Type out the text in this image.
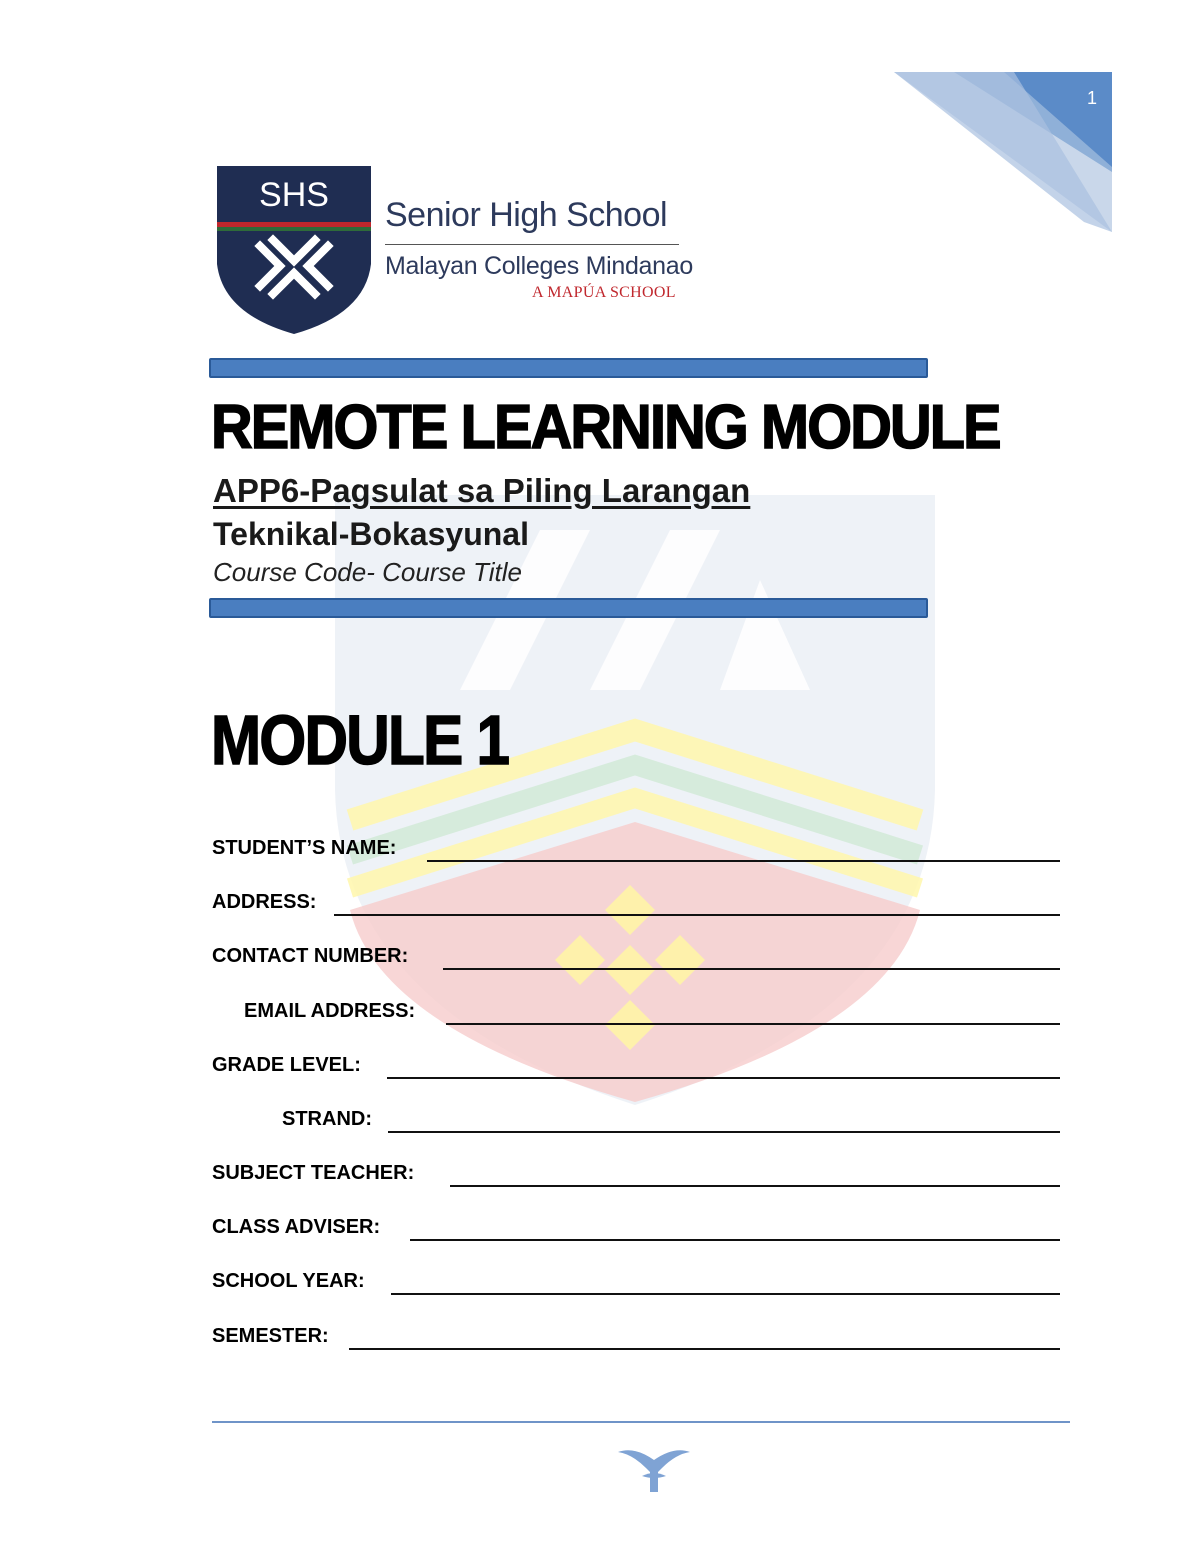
1
SHS
Senior High School
Malayan Colleges Mindanao
A MAPÚA SCHOOL
REMOTE LEARNING MODULE
APP6-Pagsulat sa Piling Larangan
Teknikal-Bokasyunal
Course Code- Course Title
MODULE 1
STUDENT’S NAME:
ADDRESS:
CONTACT NUMBER:
EMAIL ADDRESS:
GRADE LEVEL:
STRAND:
SUBJECT TEACHER:
CLASS ADVISER:
SCHOOL YEAR:
SEMESTER:
